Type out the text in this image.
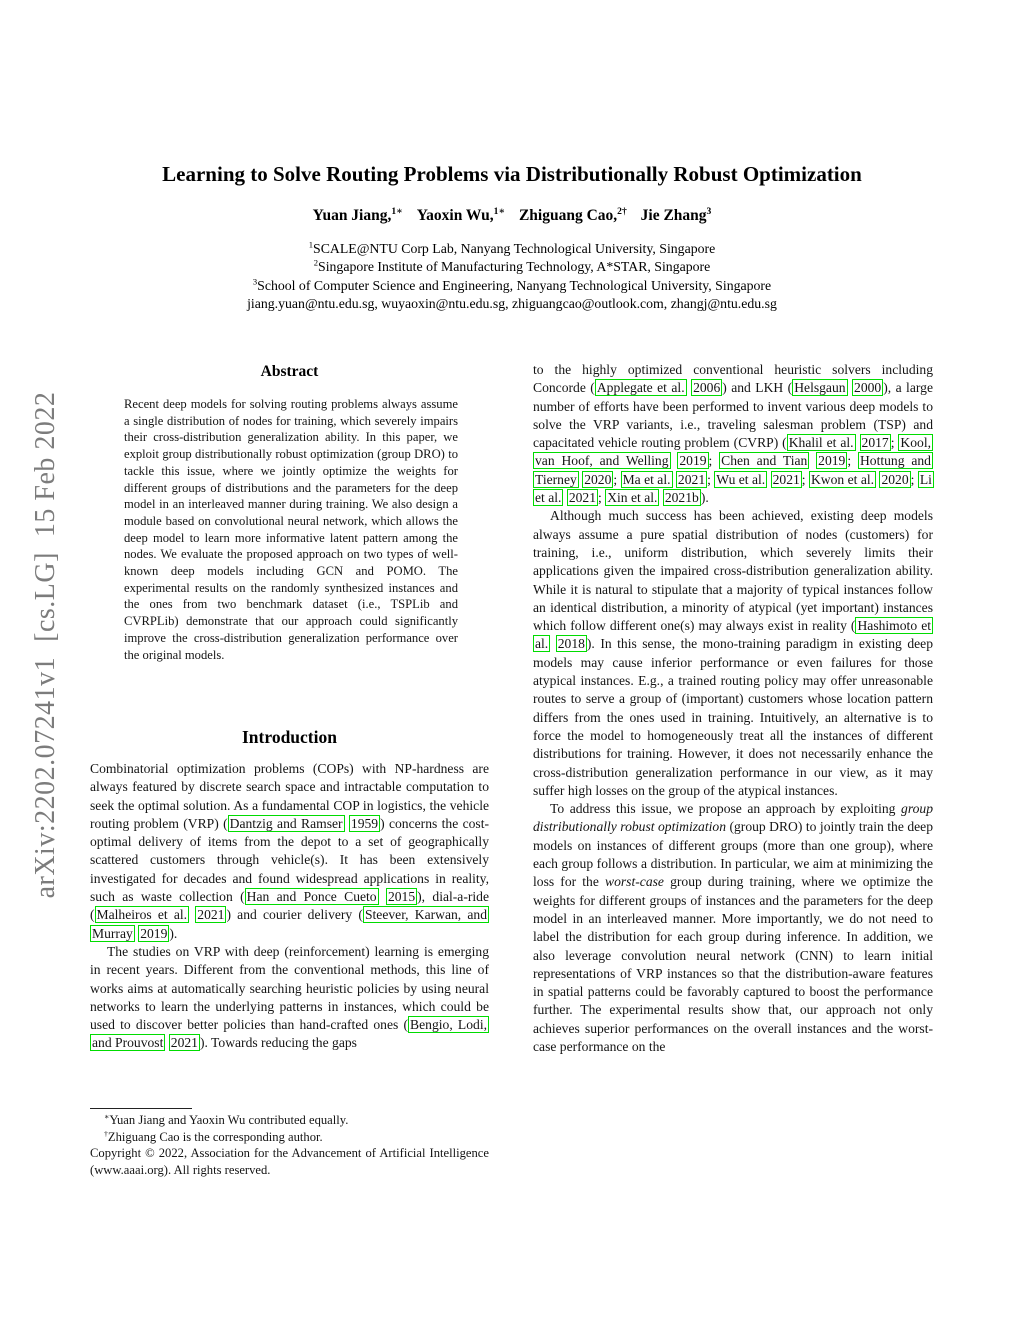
arXiv:2202.07241v1  [cs.LG]  15 Feb 2022
Learning to Solve Routing Problems via Distributionally Robust Optimization
Yuan Jiang,$^{1∗}$ Yaoxin Wu,$^{1∗}$ Zhiguang Cao,$^{2\dagger}$ Jie Zhang$^3$
$^1$SCALE@NTU Corp Lab, Nanyang Technological University, Singapore
$^2$Singapore Institute of Manufacturing Technology, A*STAR, Singapore
$^3$School of Computer Science and Engineering, Nanyang Technological University, Singapore
jiang.yuan@ntu.edu.sg, wuyaoxin@ntu.edu.sg, zhiguangcao@outlook.com, zhangj@ntu.edu.sg
Abstract
Recent deep models for solving routing problems always assume a single distribution of nodes for training, which severely impairs their cross-distribution generalization ability. In this paper, we exploit group distributionally robust optimization (group DRO) to tackle this issue, where we jointly optimize the weights for different groups of distributions and the parameters for the deep model in an interleaved manner during training. We also design a module based on convolutional neural network, which allows the deep model to learn more informative latent pattern among the nodes. We evaluate the proposed approach on two types of well-known deep models including GCN and POMO. The experimental results on the randomly synthesized instances and the ones from two benchmark dataset (i.e., TSPLib and CVRPLib) demonstrate that our approach could significantly improve the cross-distribution generalization performance over the original models.
Introduction
Combinatorial optimization problems (COPs) with NP-hardness are always featured by discrete search space and intractable computation to seek the optimal solution. As a fundamental COP in logistics, the vehicle routing problem (VRP) ( Dantzig and Ramser 1959 ) concerns the cost-optimal delivery of items from the depot to a set of geographically scattered customers through vehicle(s). It has been extensively investigated for decades and found widespread applications in reality, such as waste collection ( Han and Ponce Cueto 2015 ), dial-a-ride ( Malheiros et al. 2021 ) and courier delivery ( Steever, Karwan, and Murray 2019 ).
The studies on VRP with deep (reinforcement) learning is emerging in recent years. Different from the conventional methods, this line of works aims at automatically searching heuristic policies by using neural networks to learn the underlying patterns in instances, which could be used to discover better policies than hand-crafted ones ( Bengio, Lodi, and Prouvost 2021 ). Towards reducing the gaps
∗Yuan Jiang and Yaoxin Wu contributed equally.
†Zhiguang Cao is the corresponding author.
Copyright © 2022, Association for the Advancement of Artificial Intelligence (www.aaai.org). All rights reserved.
to the highly optimized conventional heuristic solvers including Concorde ( Applegate et al. 2006 ) and LKH ( Helsgaun 2000 ), a large number of efforts have been performed to invent various deep models to solve the VRP variants, i.e., traveling salesman problem (TSP) and capacitated vehicle routing problem (CVRP) ( Khalil et al. 2017 ; Kool, van Hoof, and Welling 2019 ; Chen and Tian 2019 ; Hottung and Tierney 2020 ; Ma et al. 2021 ; Wu et al. 2021 ; Kwon et al. 2020 ; Li et al. 2021 ; Xin et al. 2021b ).
Although much success has been achieved, existing deep models always assume a pure spatial distribution of nodes (customers) for training, i.e., uniform distribution, which severely limits their applications given the impaired cross-distribution generalization ability. While it is natural to stipulate that a majority of typical instances follow an identical distribution, a minority of atypical (yet important) instances which follow different one(s) may always exist in reality ( Hashimoto et al. 2018 ). In this sense, the mono-training paradigm in existing deep models may cause inferior performance or even failures for those atypical instances. E.g., a trained routing policy may offer unreasonable routes to serve a group of (important) customers whose location pattern differs from the ones used in training. Intuitively, an alternative is to force the model to homogeneously treat all the instances of different distributions for training. However, it does not necessarily enhance the cross-distribution generalization performance in our view, as it may suffer high losses on the group of the atypical instances.
To address this issue, we propose an approach by exploiting group distributionally robust optimization (group DRO) to jointly train the deep models on instances of different groups (more than one group), where each group follows a distribution. In particular, we aim at minimizing the loss for the worst-case group during training, where we optimize the weights for different groups of instances and the parameters for the deep model in an interleaved manner. More importantly, we do not need to label the distribution for each group during inference. In addition, we also leverage convolution neural network (CNN) to learn initial representations of VRP instances so that the distribution-aware features in spatial patterns could be favorably captured to boost the performance further. The experimental results show that, our approach not only achieves superior performances on the overall instances and the worst-case performance on the
